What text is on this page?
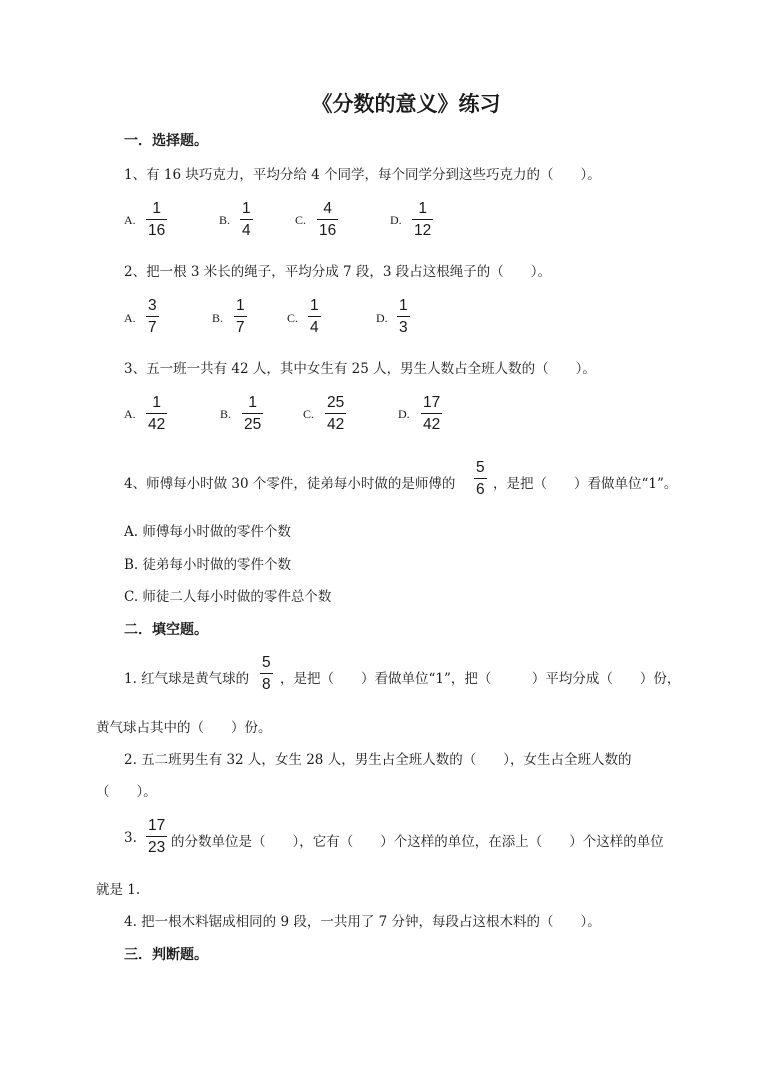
《分数的意义》练习
一．选择题。
1、有 16 块巧克力，平均分给 4 个同学，每个同学分到这些巧克力的（　　）。
A.
1
16
B.
1
4
C.
4
16
D.
1
12
2、把一根 3 米长的绳子，平均分成 7 段，3 段占这根绳子的（　　）。
A.
3
7
B.
1
7
C.
1
4
D.
1
3
3、五一班一共有 42 人，其中女生有 25 人，男生人数占全班人数的（　　）。
A.
1
42
B.
1
25
C.
25
42
D.
17
42
4、师傅每小时做 30 个零件，徒弟每小时做的是师傅的
5
6 ，是把（　　）看做单位“1”。
A. 师傅每小时做的零件个数
B. 徒弟每小时做的零件个数
C. 师徒二人每小时做的零件总个数
二．填空题。
1. 红气球是黄气球的
5
8 ，是把（　　）看做单位“1”，把（　　　）平均分成（　　）份，
黄气球占其中的（　　）份。
2. 五二班男生有 32 人，女生 28 人，男生占全班人数的（　　），女生占全班人数的
（　　）。
3.
17
23 的分数单位是（　　），它有（　　）个这样的单位，在添上（　　）个这样的单位
就是 1.
4. 把一根木料锯成相同的 9 段，一共用了 7 分钟，每段占这根木料的（　　）。
三．判断题。
